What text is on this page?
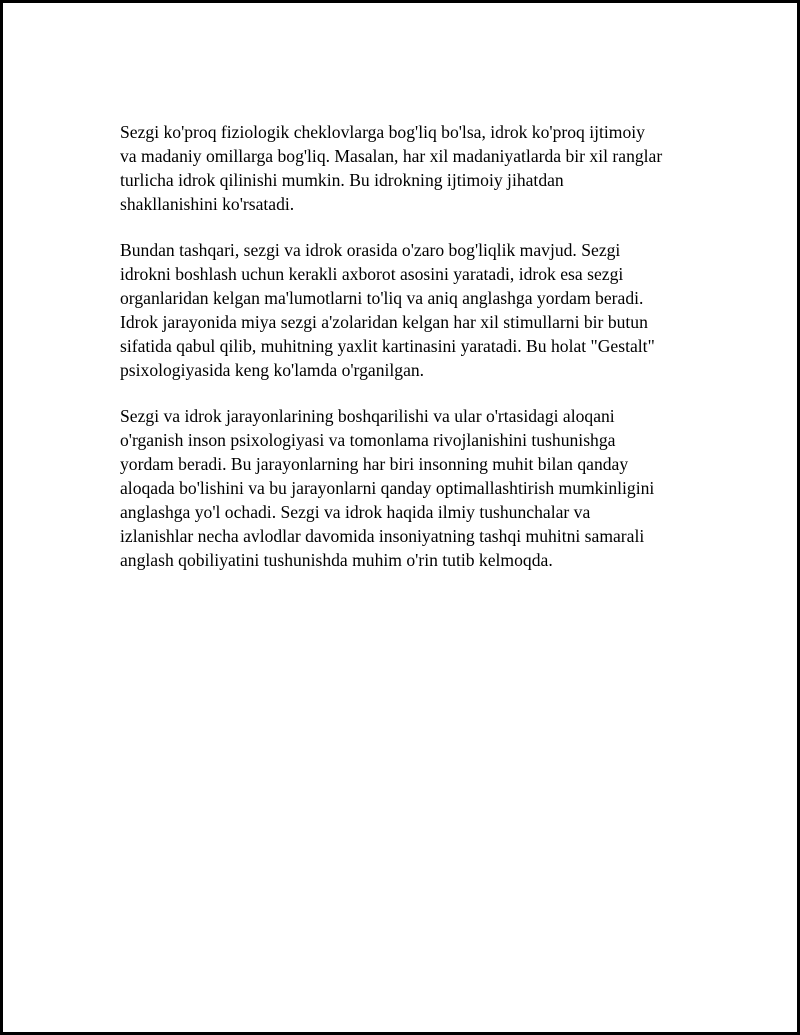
Sezgi ko'proq fiziologik cheklovlarga bog'liq bo'lsa, idrok ko'proq ijtimoiy
va madaniy omillarga bog'liq. Masalan, har xil madaniyatlarda bir xil ranglar
turlicha idrok qilinishi mumkin. Bu idrokning ijtimoiy jihatdan
shakllanishini ko'rsatadi.

Bundan tashqari, sezgi va idrok orasida o'zaro bog'liqlik mavjud. Sezgi
idrokni boshlash uchun kerakli axborot asosini yaratadi, idrok esa sezgi
organlaridan kelgan ma'lumotlarni to'liq va aniq anglashga yordam beradi.
Idrok jarayonida miya sezgi a'zolaridan kelgan har xil stimullarni bir butun
sifatida qabul qilib, muhitning yaxlit kartinasini yaratadi. Bu holat "Gestalt"
psixologiyasida keng ko'lamda o'rganilgan.

Sezgi va idrok jarayonlarining boshqarilishi va ular o'rtasidagi aloqani
o'rganish inson psixologiyasi va tomonlama rivojlanishini tushunishga
yordam beradi. Bu jarayonlarning har biri insonning muhit bilan qanday
aloqada bo'lishini va bu jarayonlarni qanday optimallashtirish mumkinligini
anglashga yo'l ochadi. Sezgi va idrok haqida ilmiy tushunchalar va
izlanishlar necha avlodlar davomida insoniyatning tashqi muhitni samarali
anglash qobiliyatini tushunishda muhim o'rin tutib kelmoqda.
